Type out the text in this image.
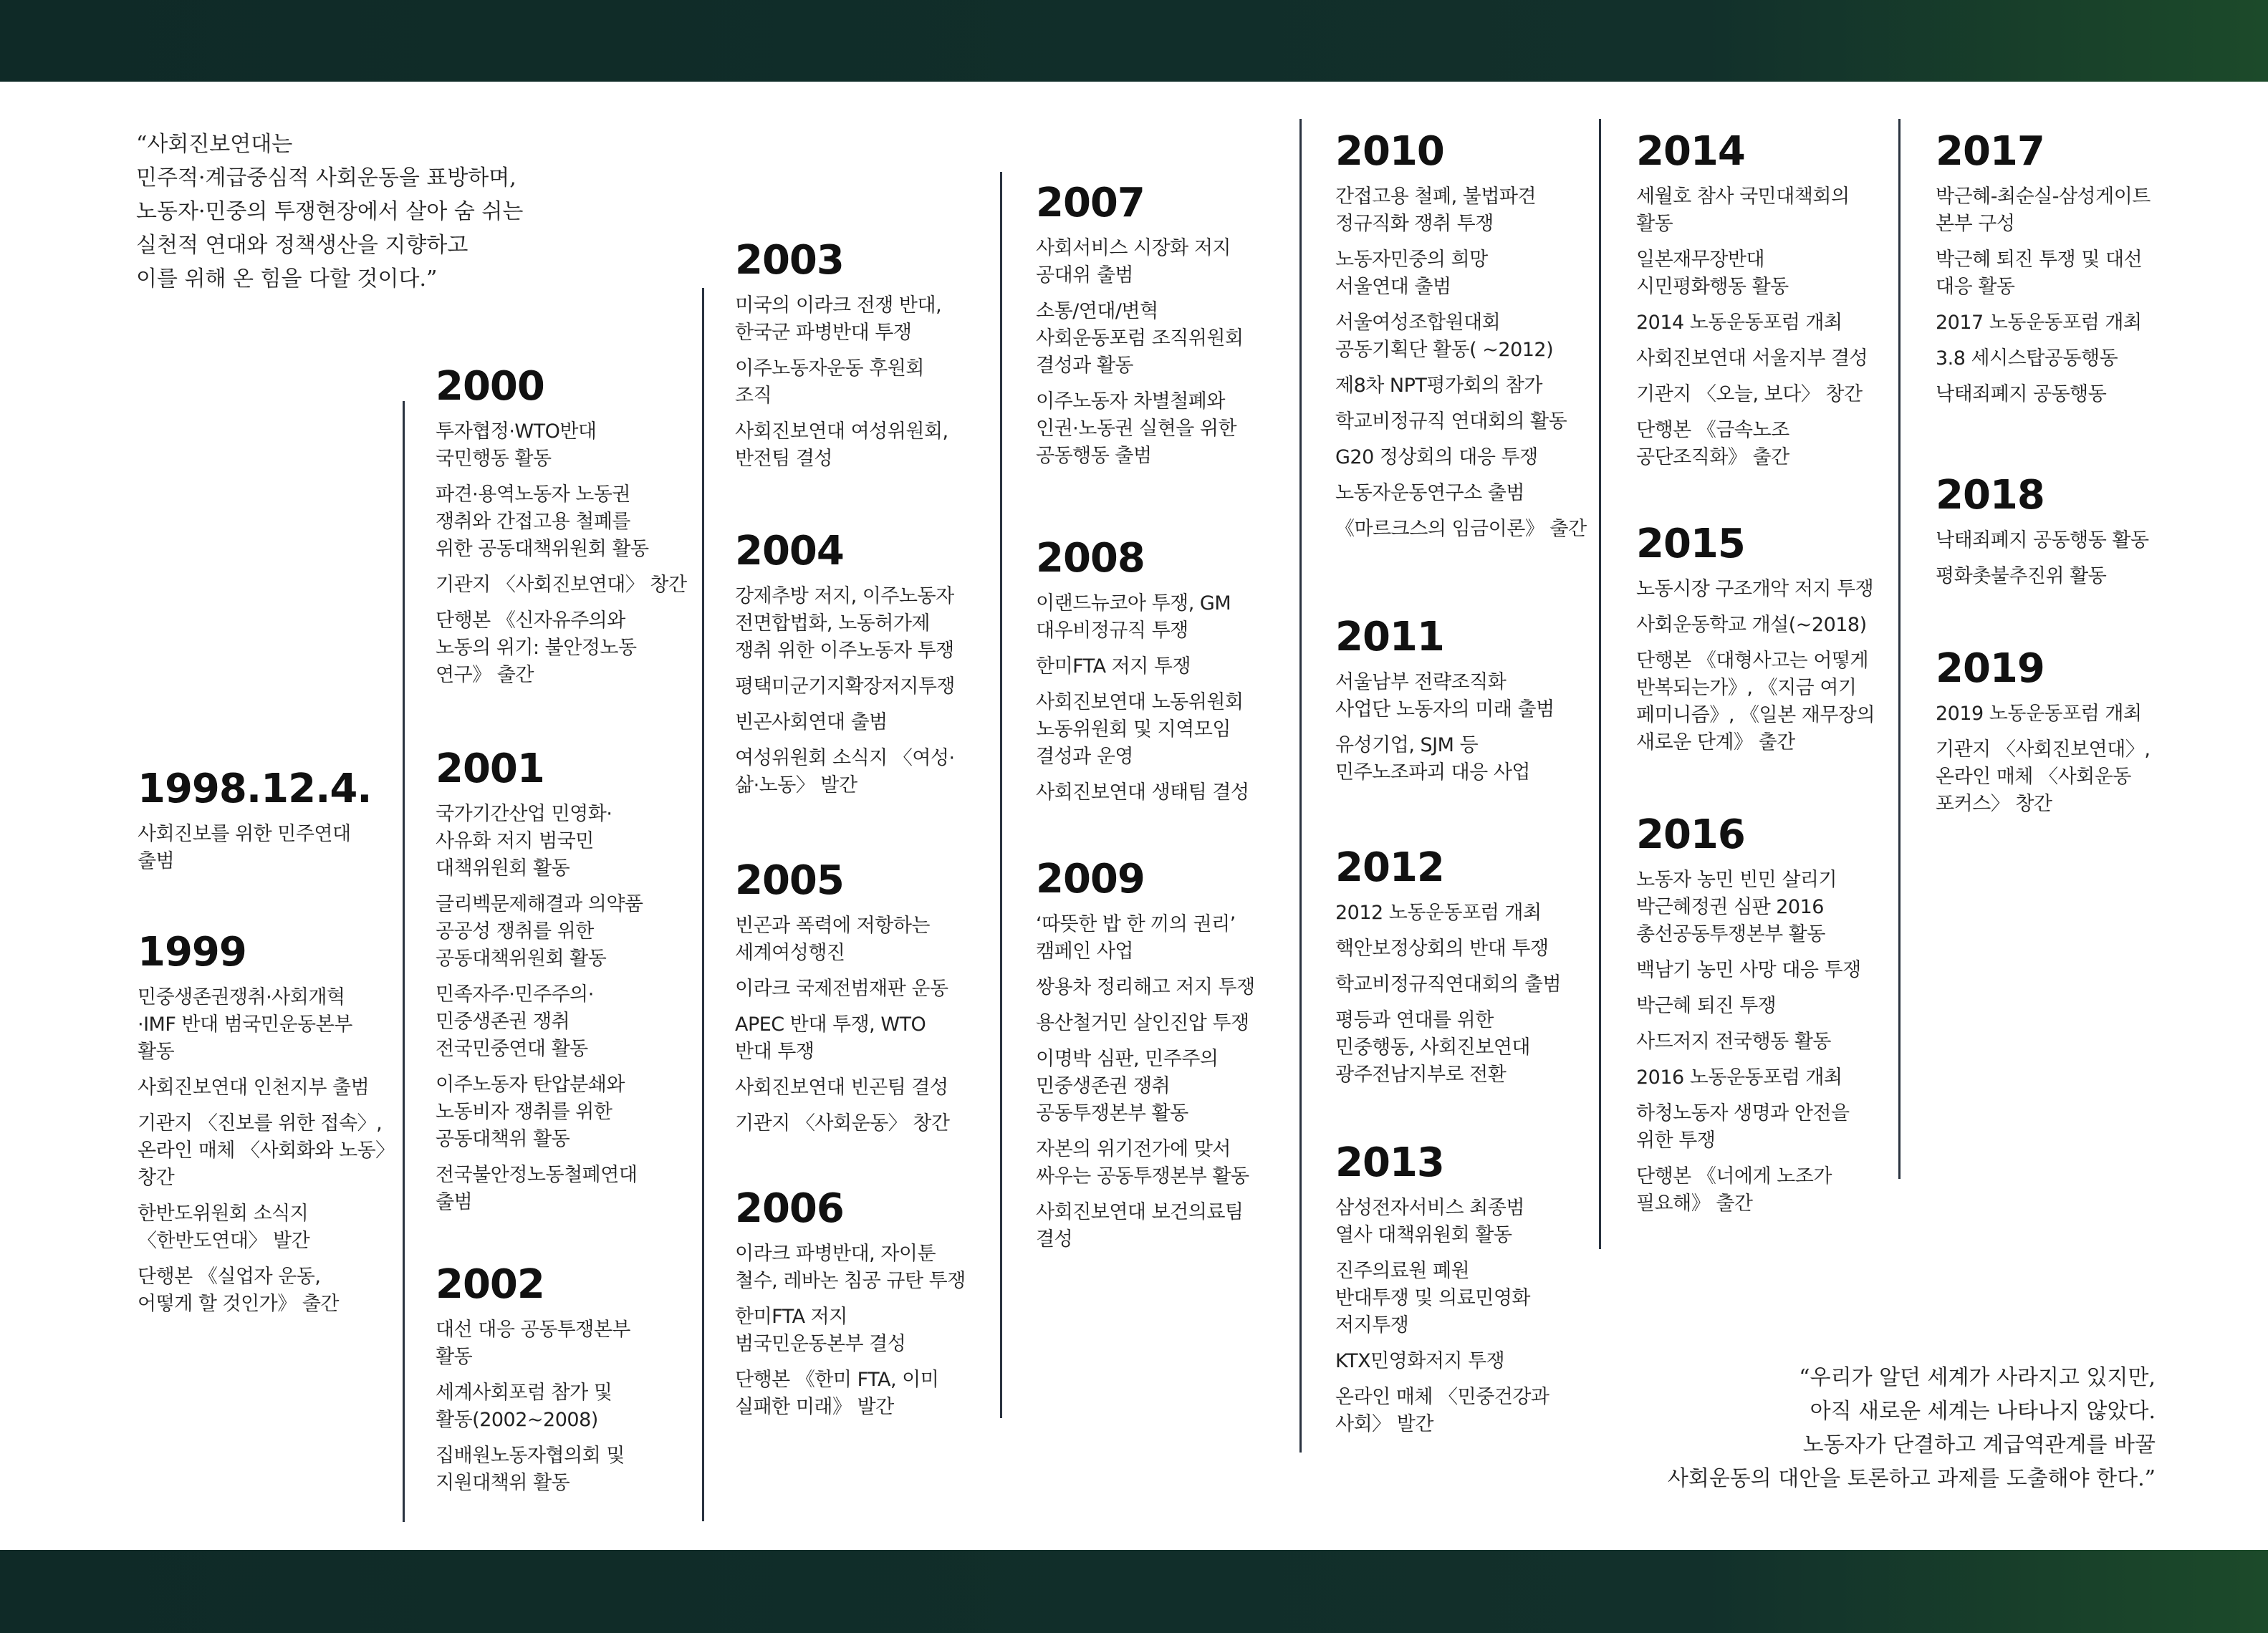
“사회진보연대는
민주적·계급중심적 사회운동을 표방하며,
노동자·민중의 투쟁현장에서 살아 숨 쉬는
실천적 연대와 정책생산을 지향하고
이를 위해 온 힘을 다할 것이다.”
1998.12.4.
사회진보를 위한 민주연대
출범
1999
민중생존권쟁취·사회개혁
·IMF 반대 범국민운동본부
활동
사회진보연대 인천지부 출범
기관지 〈진보를 위한 접속〉,
온라인 매체 〈사회화와 노동〉
창간
한반도위원회 소식지
〈한반도연대〉 발간
단행본 《실업자 운동,
어떻게 할 것인가》 출간
2000
투자협정·WTO반대
국민행동 활동
파견·용역노동자 노동권
쟁취와 간접고용 철폐를
위한 공동대책위원회 활동
기관지 〈사회진보연대〉 창간
단행본 《신자유주의와
노동의 위기: 불안정노동
연구》 출간
2001
국가기간산업 민영화·
사유화 저지 범국민
대책위원회 활동
글리벡문제해결과 의약품
공공성 쟁취를 위한
공동대책위원회 활동
민족자주·민주주의·
민중생존권 쟁취
전국민중연대 활동
이주노동자 탄압분쇄와
노동비자 쟁취를 위한
공동대책위 활동
전국불안정노동철폐연대
출범
2002
대선 대응 공동투쟁본부
활동
세계사회포럼 참가 및
활동(2002~2008)
집배원노동자협의회 및
지원대책위 활동
2003
미국의 이라크 전쟁 반대,
한국군 파병반대 투쟁
이주노동자운동 후원회
조직
사회진보연대 여성위원회,
반전팀 결성
2004
강제추방 저지, 이주노동자
전면합법화, 노동허가제
쟁취 위한 이주노동자 투쟁
평택미군기지확장저지투쟁
빈곤사회연대 출범
여성위원회 소식지 〈여성·
삶·노동〉 발간
2005
빈곤과 폭력에 저항하는
세계여성행진
이라크 국제전범재판 운동
APEC 반대 투쟁, WTO
반대 투쟁
사회진보연대 빈곤팀 결성
기관지 〈사회운동〉 창간
2006
이라크 파병반대, 자이툰
철수, 레바논 침공 규탄 투쟁
한미FTA 저지
범국민운동본부 결성
단행본 《한미 FTA, 이미
실패한 미래》 발간
2007
사회서비스 시장화 저지
공대위 출범
소통/연대/변혁
사회운동포럼 조직위원회
결성과 활동
이주노동자 차별철폐와
인권·노동권 실현을 위한
공동행동 출범
2008
이랜드뉴코아 투쟁, GM
대우비정규직 투쟁
한미FTA 저지 투쟁
사회진보연대 노동위원회
노동위원회 및 지역모임
결성과 운영
사회진보연대 생태팀 결성
2009
‘따뜻한 밥 한 끼의 권리’
캠페인 사업
쌍용차 정리해고 저지 투쟁
용산철거민 살인진압 투쟁
이명박 심판, 민주주의
민중생존권 쟁취
공동투쟁본부 활동
자본의 위기전가에 맞서
싸우는 공동투쟁본부 활동
사회진보연대 보건의료팀
결성
2010
간접고용 철폐, 불법파견
정규직화 쟁취 투쟁
노동자민중의 희망
서울연대 출범
서울여성조합원대회
공동기획단 활동( ~2012)
제8차 NPT평가회의 참가
학교비정규직 연대회의 활동
G20 정상회의 대응 투쟁
노동자운동연구소 출범
《마르크스의 임금이론》 출간
2011
서울남부 전략조직화
사업단 노동자의 미래 출범
유성기업, SJM 등
민주노조파괴 대응 사업
2012
2012 노동운동포럼 개최
핵안보정상회의 반대 투쟁
학교비정규직연대회의 출범
평등과 연대를 위한
민중행동, 사회진보연대
광주전남지부로 전환
2013
삼성전자서비스 최종범
열사 대책위원회 활동
진주의료원 폐원
반대투쟁 및 의료민영화
저지투쟁
KTX민영화저지 투쟁
온라인 매체 〈민중건강과
사회〉 발간
2014
세월호 참사 국민대책회의
활동
일본재무장반대
시민평화행동 활동
2014 노동운동포럼 개최
사회진보연대 서울지부 결성
기관지 〈오늘, 보다〉 창간
단행본 《금속노조
공단조직화》 출간
2015
노동시장 구조개악 저지 투쟁
사회운동학교 개설(~2018)
단행본 《대형사고는 어떻게
반복되는가》, 《지금 여기
페미니즘》, 《일본 재무장의
새로운 단계》 출간
2016
노동자 농민 빈민 살리기
박근혜정권 심판 2016
총선공동투쟁본부 활동
백남기 농민 사망 대응 투쟁
박근혜 퇴진 투쟁
사드저지 전국행동 활동
2016 노동운동포럼 개최
하청노동자 생명과 안전을
위한 투쟁
단행본 《너에게 노조가
필요해》 출간
2017
박근혜-최순실-삼성게이트
본부 구성
박근혜 퇴진 투쟁 및 대선
대응 활동
2017 노동운동포럼 개최
3.8 세시스탑공동행동
낙태죄폐지 공동행동
2018
낙태죄폐지 공동행동 활동
평화촛불추진위 활동
2019
2019 노동운동포럼 개최
기관지 〈사회진보연대〉,
온라인 매체 〈사회운동
포커스〉 창간
“우리가 알던 세계가 사라지고 있지만,
아직 새로운 세계는 나타나지 않았다.
노동자가 단결하고 계급역관계를 바꿀
사회운동의 대안을 토론하고 과제를 도출해야 한다.”
